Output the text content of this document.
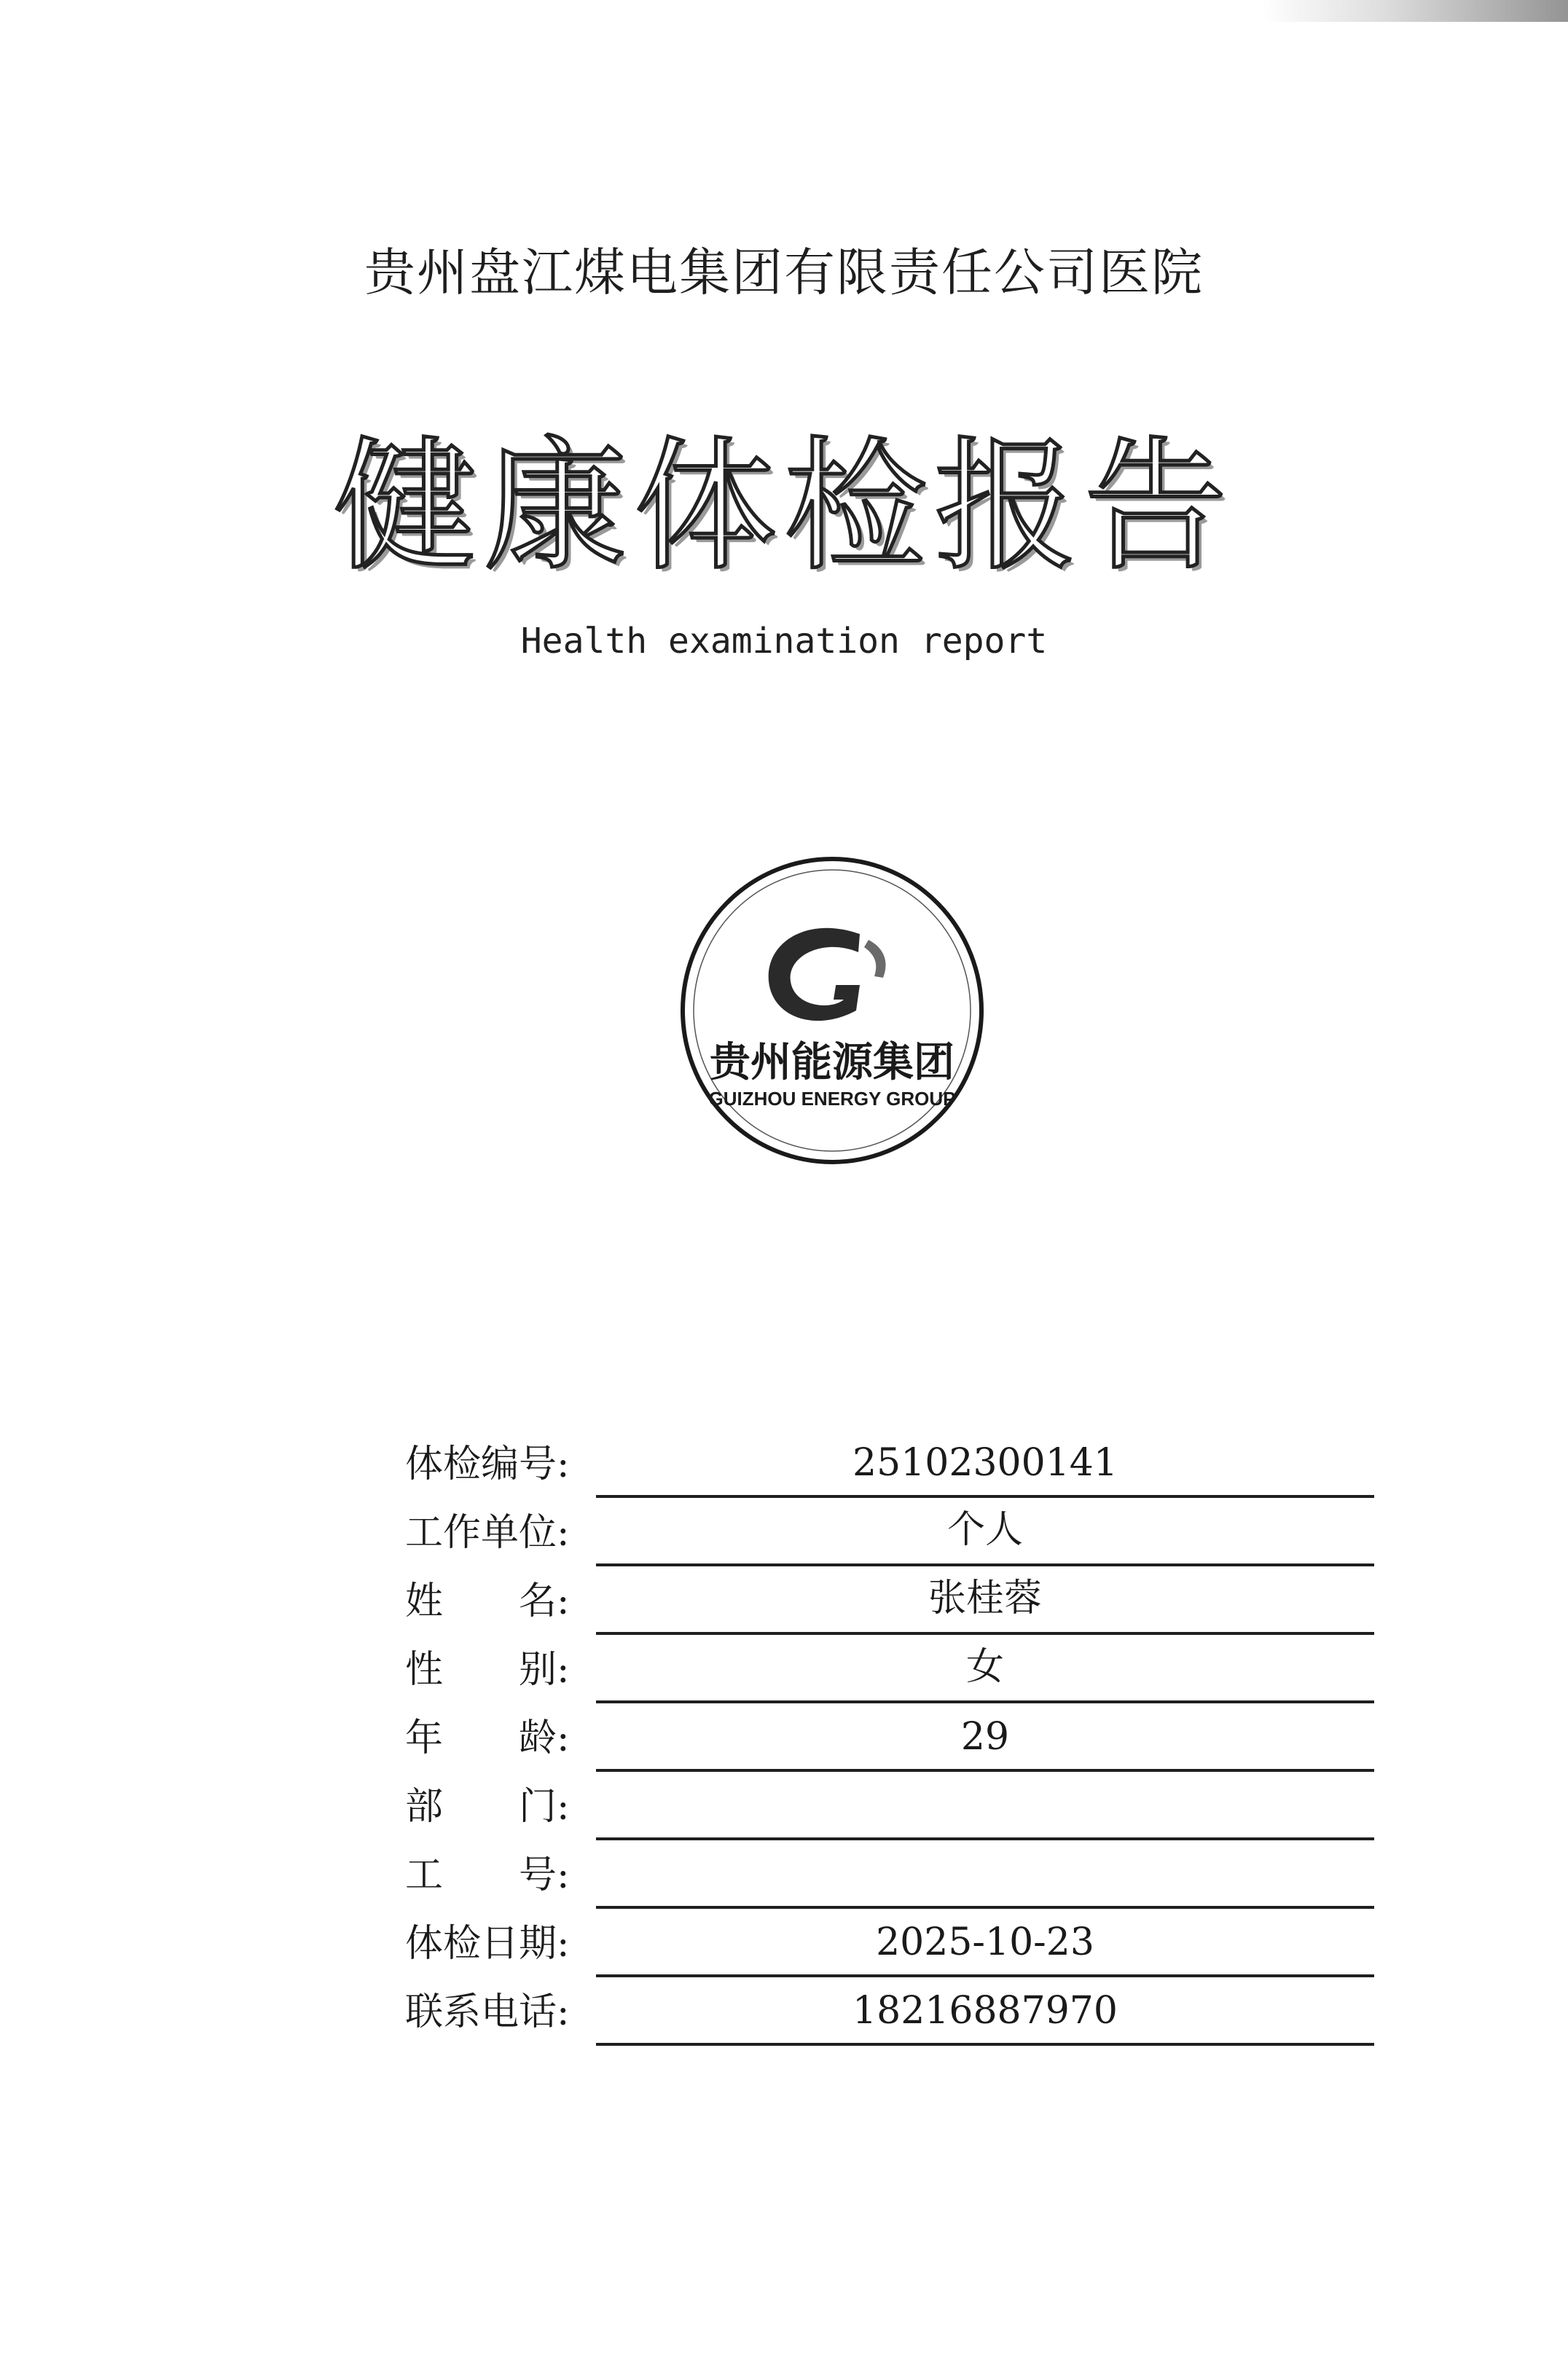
贵州盘江煤电集团有限责任公司医院
健康体检报告
Health examination report
贵州能源集团
GUIZHOU ENERGY GROUP
体检编号:	25102300141
工作单位:	个人
姓 名:	张桂蓉
性 别:	女
年 龄:	29
部 门:
工 号:
体检日期:	2025-10-23
联系电话:	18216887970
